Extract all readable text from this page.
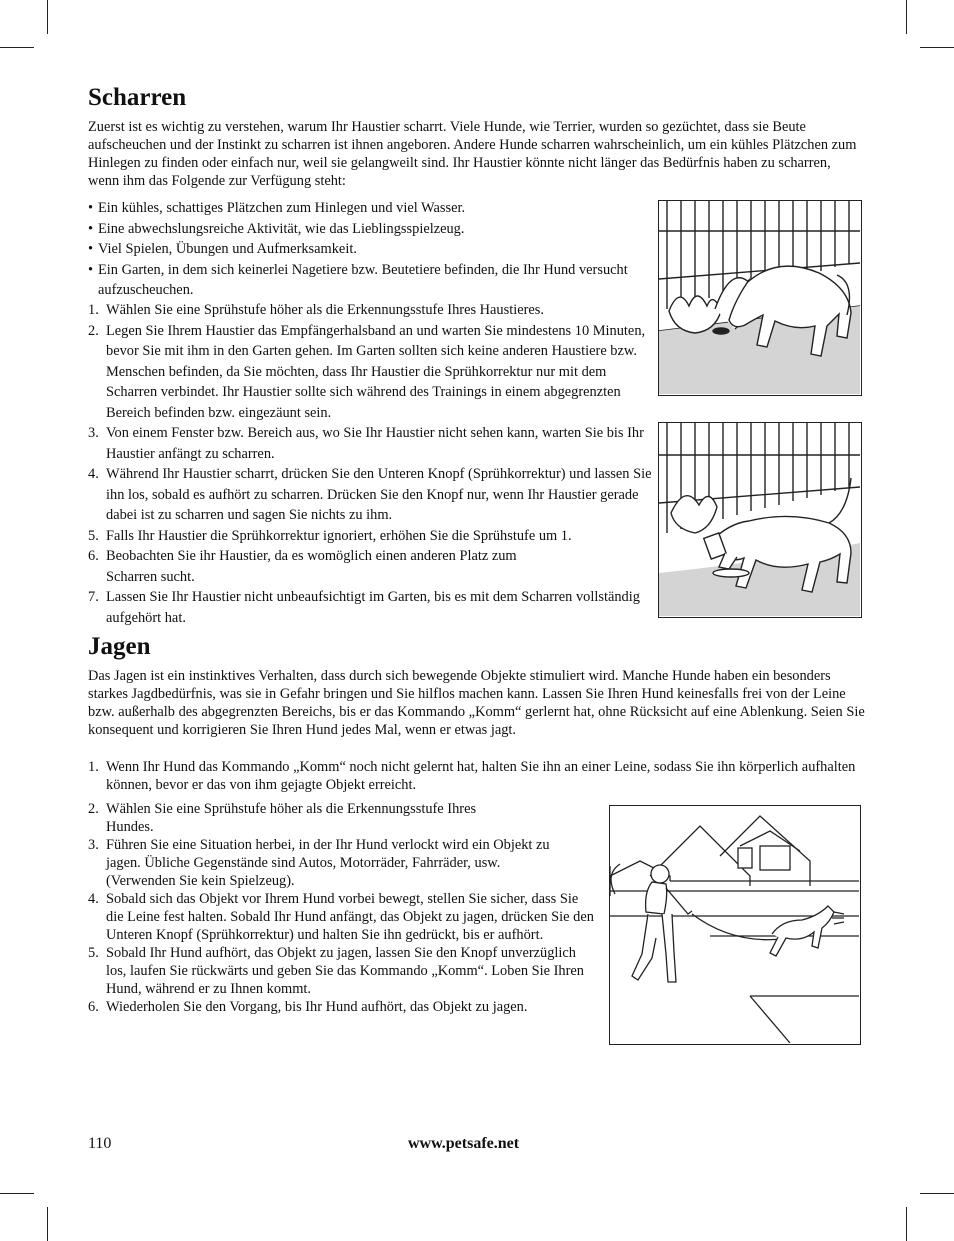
Scharren

Zuerst ist es wichtig zu verstehen, warum Ihr Haustier scharrt. Viele Hunde, wie Terrier, wurden so gezüchtet, dass sie Beute aufscheuchen und der Instinkt zu scharren ist ihnen angeboren. Andere Hunde scharren wahrscheinlich, um ein kühles Plätzchen zum Hinlegen zu finden oder einfach nur, weil sie gelangweilt sind. Ihr Haustier könnte nicht länger das Bedürfnis haben zu scharren, wenn ihm das Folgende zur Verfügung steht:

• Ein kühles, schattiges Plätzchen zum Hinlegen und viel Wasser.
• Eine abwechslungsreiche Aktivität, wie das Lieblingsspielzeug.
• Viel Spielen, Übungen und Aufmerksamkeit.
• Ein Garten, in dem sich keinerlei Nagetiere bzw. Beutetiere befinden, die Ihr Hund versucht aufzuscheuchen.
1. Wählen Sie eine Sprühstufe höher als die Erkennungsstufe Ihres Haustieres.
2. Legen Sie Ihrem Haustier das Empfängerhalsband an und warten Sie mindestens 10 Minuten, bevor Sie mit ihm in den Garten gehen. Im Garten sollten sich keine anderen Haustiere bzw. Menschen befinden, da Sie möchten, dass Ihr Haustier die Sprühkorrektur nur mit dem Scharren verbindet. Ihr Haustier sollte sich während des Trainings in einem abgegrenzten Bereich befinden bzw. eingezäunt sein.
3. Von einem Fenster bzw. Bereich aus, wo Sie Ihr Haustier nicht sehen kann, warten Sie bis Ihr Haustier anfängt zu scharren.
4. Während Ihr Haustier scharrt, drücken Sie den Unteren Knopf (Sprühkorrektur) und lassen Sie ihn los, sobald es aufhört zu scharren. Drücken Sie den Knopf nur, wenn Ihr Haustier gerade dabei ist zu scharren und sagen Sie nichts zu ihm.
5. Falls Ihr Haustier die Sprühkorrektur ignoriert, erhöhen Sie die Sprühstufe um 1.
6. Beobachten Sie ihr Haustier, da es womöglich einen anderen Platz zum Scharren sucht.
7. Lassen Sie Ihr Haustier nicht unbeaufsichtigt im Garten, bis es mit dem Scharren vollständig aufgehört hat.
Jagen

Das Jagen ist ein instinktives Verhalten, dass durch sich bewegende Objekte stimuliert wird. Manche Hunde haben ein besonders starkes Jagdbedürfnis, was sie in Gefahr bringen und Sie hilflos machen kann. Lassen Sie Ihren Hund keinesfalls frei von der Leine bzw. außerhalb des abgegrenzten Bereichs, bis er das Kommando „Komm“ gerlernt hat, ohne Rücksicht auf eine Ablenkung. Seien Sie konsequent und korrigieren Sie Ihren Hund jedes Mal, wenn er etwas jagt.

1. Wenn Ihr Hund das Kommando „Komm“ noch nicht gelernt hat, halten Sie ihn an einer Leine, sodass Sie ihn körperlich aufhalten können, bevor er das von ihm gejagte Objekt erreicht.
2. Wählen Sie eine Sprühstufe höher als die Erkennungsstufe Ihres Hundes.
3. Führen Sie eine Situation herbei, in der Ihr Hund verlockt wird ein Objekt zu jagen. Übliche Gegenstände sind Autos, Motorräder, Fahrräder, usw. (Verwenden Sie kein Spielzeug).
4. Sobald sich das Objekt vor Ihrem Hund vorbei bewegt, stellen Sie sicher, dass Sie die Leine fest halten. Sobald Ihr Hund anfängt, das Objekt zu jagen, drücken Sie den Unteren Knopf (Sprühkorrektur) und halten Sie ihn gedrückt, bis er aufhört.
5. Sobald Ihr Hund aufhört, das Objekt zu jagen, lassen Sie den Knopf unverzüglich los, laufen Sie rückwärts und geben Sie das Kommando „Komm“. Loben Sie Ihren Hund, während er zu Ihnen kommt.
6. Wiederholen Sie den Vorgang, bis Ihr Hund aufhört, das Objekt zu jagen.
110	www.petsafe.net
